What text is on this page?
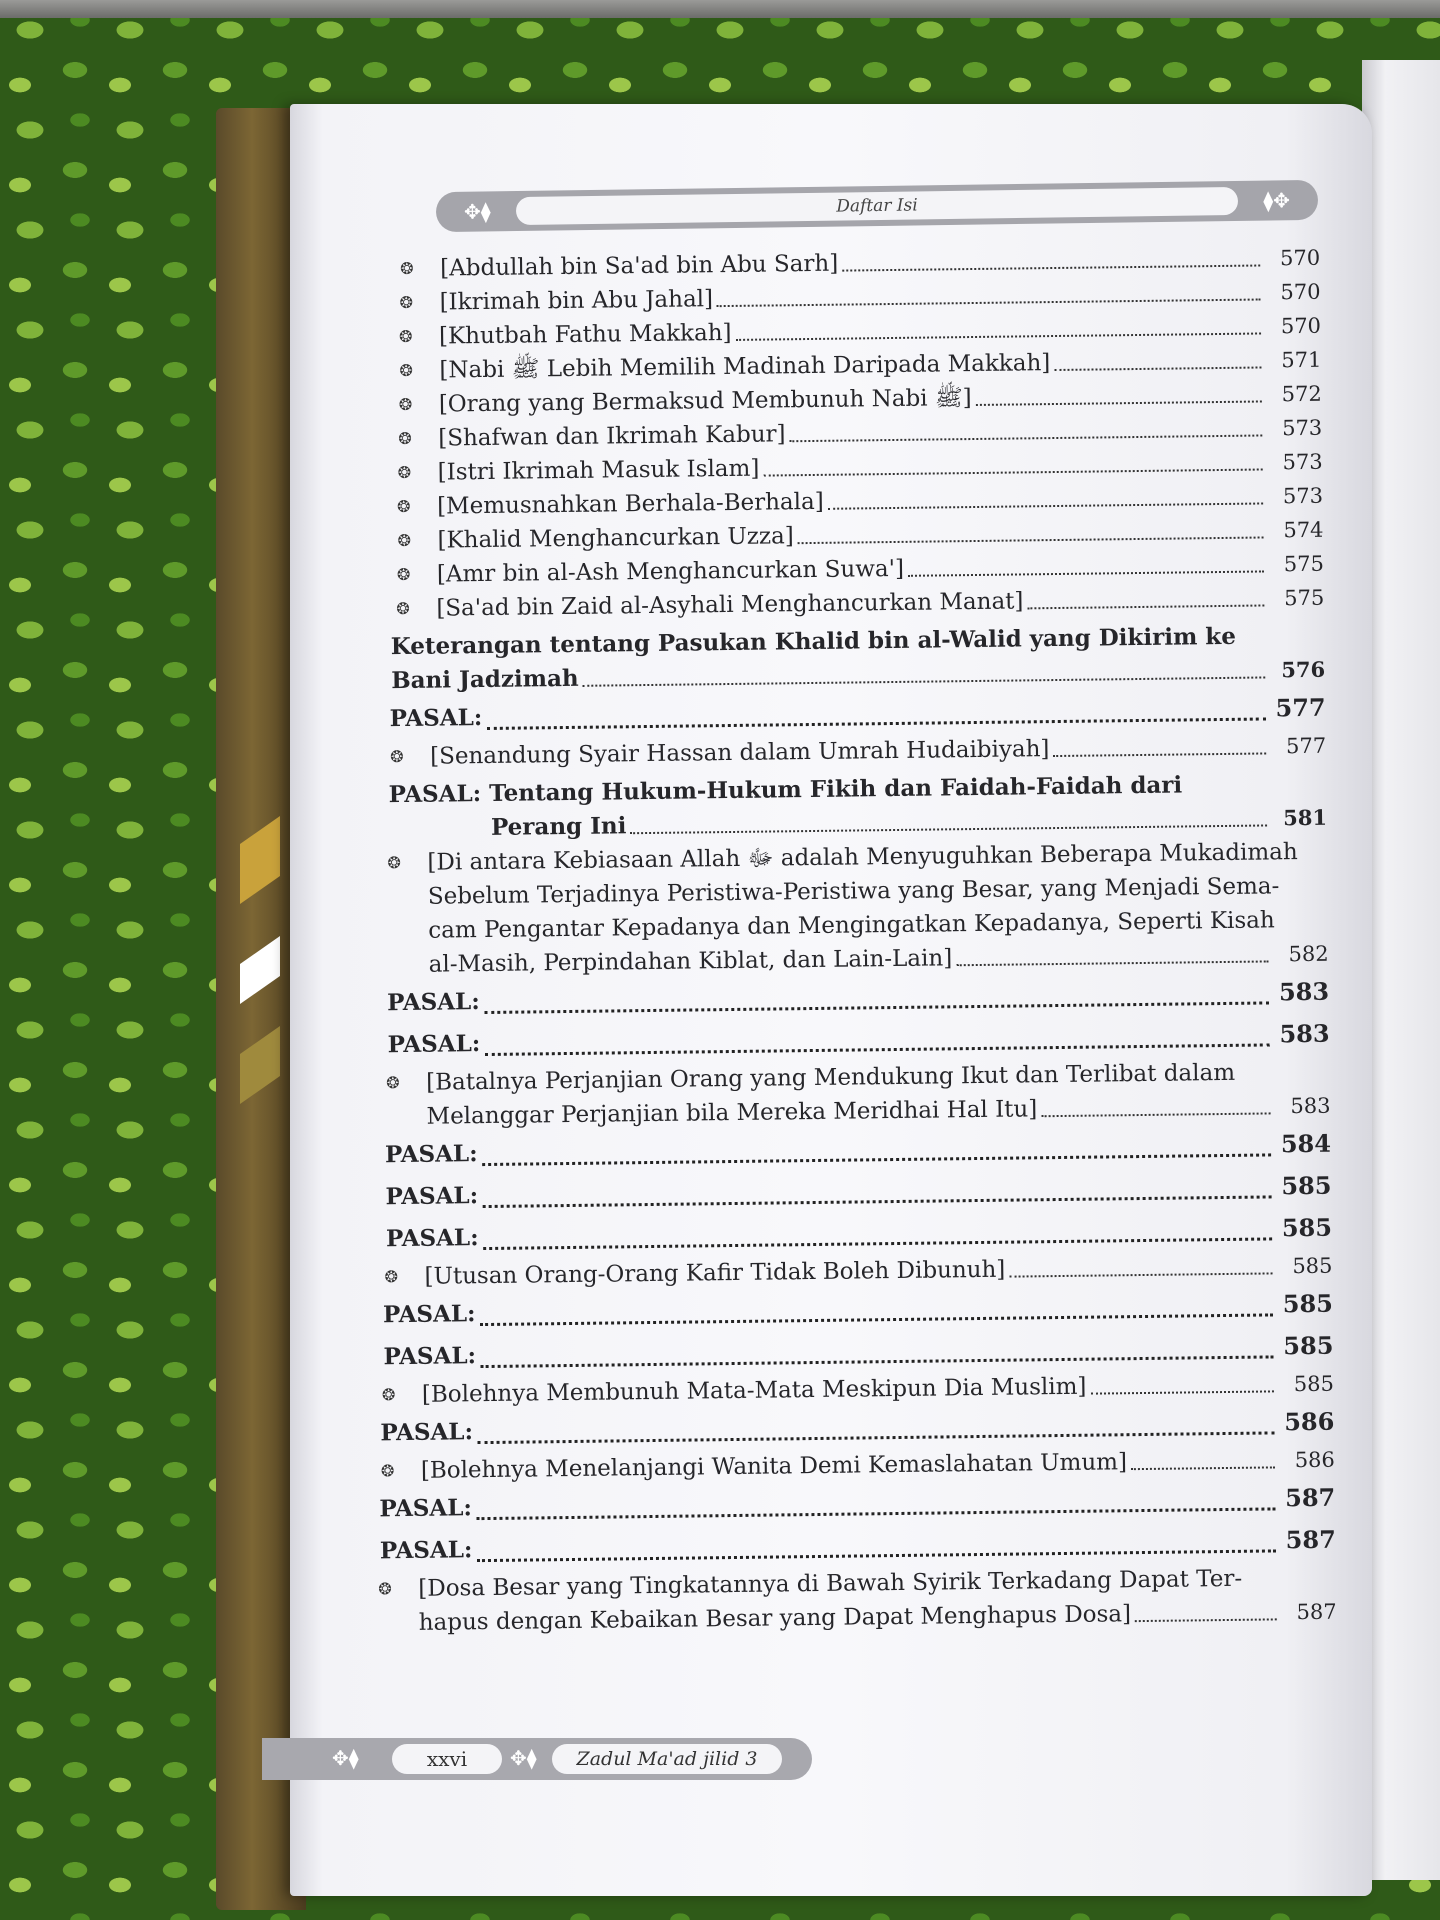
✥⧫	Daftar Isi	⧫✥
❂	[Abdullah bin Sa'ad bin Abu Sarh]	570
❂	[Ikrimah bin Abu Jahal]	570
❂	[Khutbah Fathu Makkah]	570
❂	[Nabi ﷺ Lebih Memilih Madinah Daripada Makkah]	571
❂	[Orang yang Bermaksud Membunuh Nabi ﷺ]	572
❂	[Shafwan dan Ikrimah Kabur]	573
❂	[Istri Ikrimah Masuk Islam]	573
❂	[Memusnahkan Berhala-Berhala]	573
❂	[Khalid Menghancurkan Uzza]	574
❂	[Amr bin al-Ash Menghancurkan Suwa']	575
❂	[Sa'ad bin Zaid al-Asyhali Menghancurkan Manat]	575
Keterangan tentang Pasukan Khalid bin al-Walid yang Dikirim ke
Bani Jadzimah	576
PASAL:	577
❂	[Senandung Syair Hassan dalam Umrah Hudaibiyah]	577
PASAL: Tentang Hukum-Hukum Fikih dan Faidah-Faidah dari
Perang Ini	581
❂	[Di antara Kebiasaan Allah ﷻ adalah Menyuguhkan Beberapa Mukadimah
Sebelum Terjadinya Peristiwa-Peristiwa yang Besar, yang Menjadi Sema-
cam Pengantar Kepadanya dan Mengingatkan Kepadanya, Seperti Kisah
al-Masih, Perpindahan Kiblat, dan Lain-Lain]	582
PASAL:	583
PASAL:	583
❂	[Batalnya Perjanjian Orang yang Mendukung Ikut dan Terlibat dalam
Melanggar Perjanjian bila Mereka Meridhai Hal Itu]	583
PASAL:	584
PASAL:	585
PASAL:	585
❂	[Utusan Orang-Orang Kafir Tidak Boleh Dibunuh]	585
PASAL:	585
PASAL:	585
❂	[Bolehnya Membunuh Mata-Mata Meskipun Dia Muslim]	585
PASAL:	586
❂	[Bolehnya Menelanjangi Wanita Demi Kemaslahatan Umum]	586
PASAL:	587
PASAL:	587
❂	[Dosa Besar yang Tingkatannya di Bawah Syirik Terkadang Dapat Ter-
hapus dengan Kebaikan Besar yang Dapat Menghapus Dosa]	587
✥⧫	xxvi	✥⧫	Zadul Ma'ad jilid 3
